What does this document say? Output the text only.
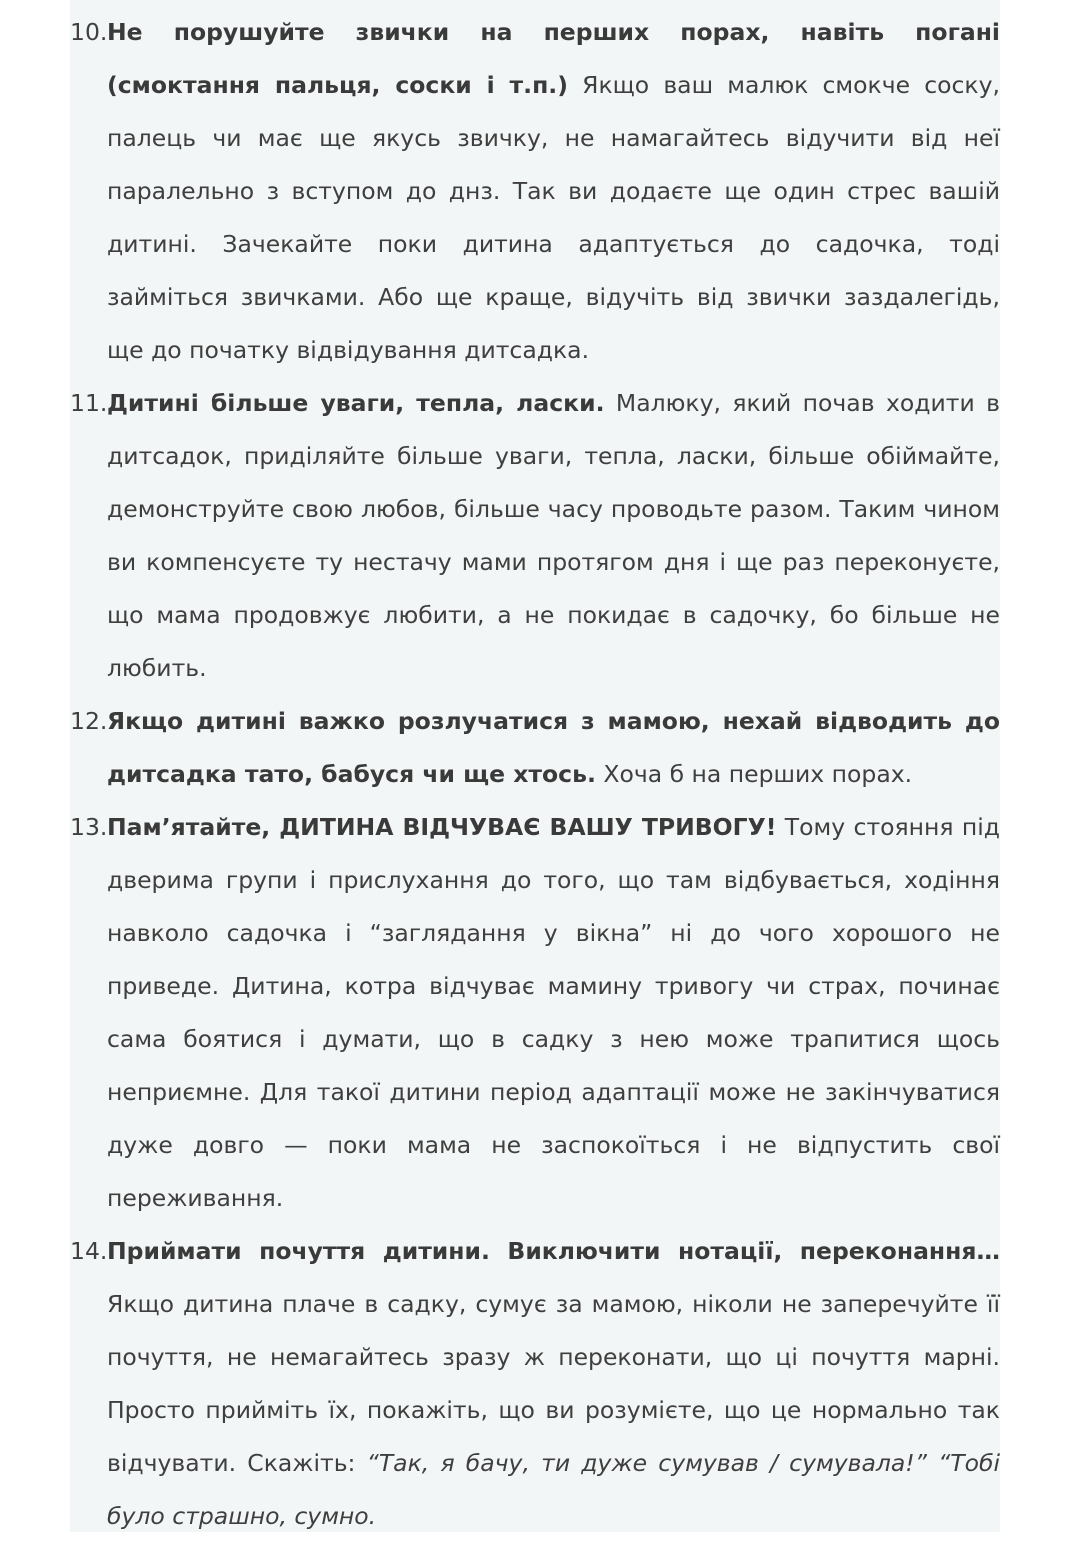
10. Не порушуйте звички на перших порах, навіть погані (смоктання пальця, соски і т.п.) Якщо ваш малюк смокче соску, палець чи має ще якусь звичку, не намагайтесь відучити від неї паралельно з вступом до днз. Так ви додаєте ще один стрес вашій дитині. Зачекайте поки дитина адаптується до садочка, тоді займіться звичками. Або ще краще, відучіть від звички заздалегідь, ще до початку відвідування дитсадка.
11. Дитині більше уваги, тепла, ласки. Малюку, який почав ходити в дитсадок, приділяйте більше уваги, тепла, ласки, більше обіймайте, демонструйте свою любов, більше часу проводьте разом. Таким чином ви компенсуєте ту нестачу мами протягом дня і ще раз переконуєте, що мама продовжує любити, а не покидає в садочку, бо більше не любить.
12. Якщо дитині важко розлучатися з мамою, нехай відводить до дитсадка тато, бабуся чи ще хтось. Хоча б на перших порах.
13. Пам’ятайте, ДИТИНА ВІДЧУВАЄ ВАШУ ТРИВОГУ! Тому стояння під дверима групи і прислухання до того, що там відбувається, ходіння навколо садочка і “заглядання у вікна” ні до чого хорошого не приведе. Дитина, котра відчуває мамину тривогу чи страх, починає сама боятися і думати, що в садку з нею може трапитися щось неприємне. Для такої дитини період адаптації може не закінчуватися дуже довго — поки мама не заспокоїться і не відпустить свої переживання.
14. Приймати почуття дитини. Виключити нотації, переконання… Якщо дитина плаче в садку, сумує за мамою, ніколи не заперечуйте її почуття, не немагайтесь зразу ж переконати, що ці почуття марні. Просто прийміть їх, покажіть, що ви розумієте, що це нормально так відчувати. Скажіть: “Так, я бачу, ти дуже сумував / сумувала!” “Тобі було страшно, сумно.
